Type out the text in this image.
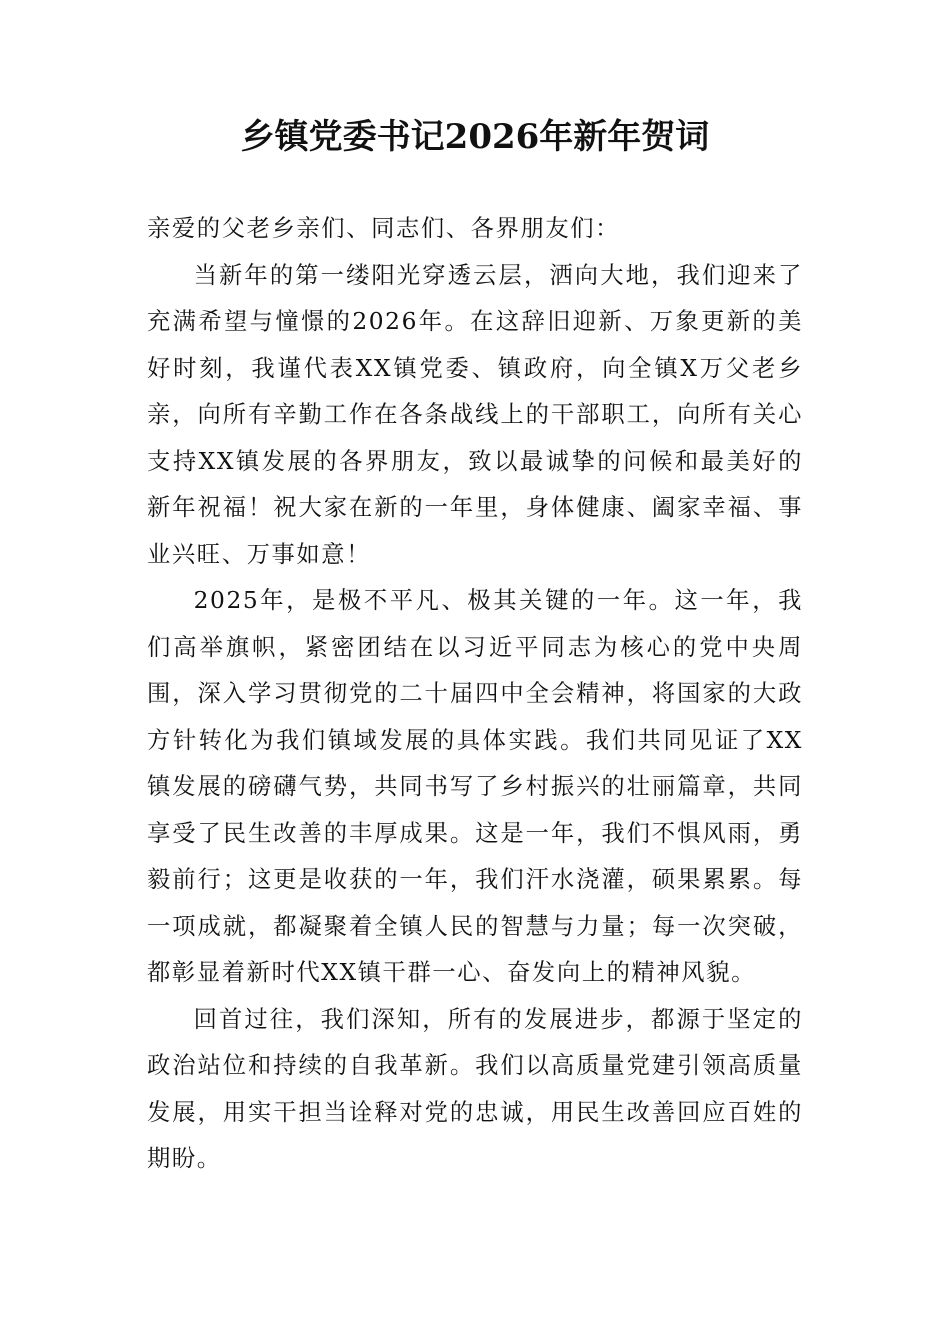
乡镇党委书记2026年新年贺词

亲爱的父老乡亲们、同志们、各界朋友们：

当新年的第一缕阳光穿透云层，洒向大地，我们迎来了充满希望与憧憬的2026年。在这辞旧迎新、万象更新的美好时刻，我谨代表XX镇党委、镇政府，向全镇X万父老乡亲，向所有辛勤工作在各条战线上的干部职工，向所有关心支持XX镇发展的各界朋友，致以最诚挚的问候和最美好的新年祝福！祝大家在新的一年里，身体健康、阖家幸福、事业兴旺、万事如意！

2025年，是极不平凡、极其关键的一年。这一年，我们高举旗帜，紧密团结在以习近平同志为核心的党中央周围，深入学习贯彻党的二十届四中全会精神，将国家的大政方针转化为我们镇域发展的具体实践。我们共同见证了XX镇发展的磅礴气势，共同书写了乡村振兴的壮丽篇章，共同享受了民生改善的丰厚成果。这是一年，我们不惧风雨，勇毅前行；这更是收获的一年，我们汗水浇灌，硕果累累。每一项成就，都凝聚着全镇人民的智慧与力量；每一次突破，都彰显着新时代XX镇干群一心、奋发向上的精神风貌。

回首过往，我们深知，所有的发展进步，都源于坚定的政治站位和持续的自我革新。我们以高质量党建引领高质量发展，用实干担当诠释对党的忠诚，用民生改善回应百姓的期盼。
